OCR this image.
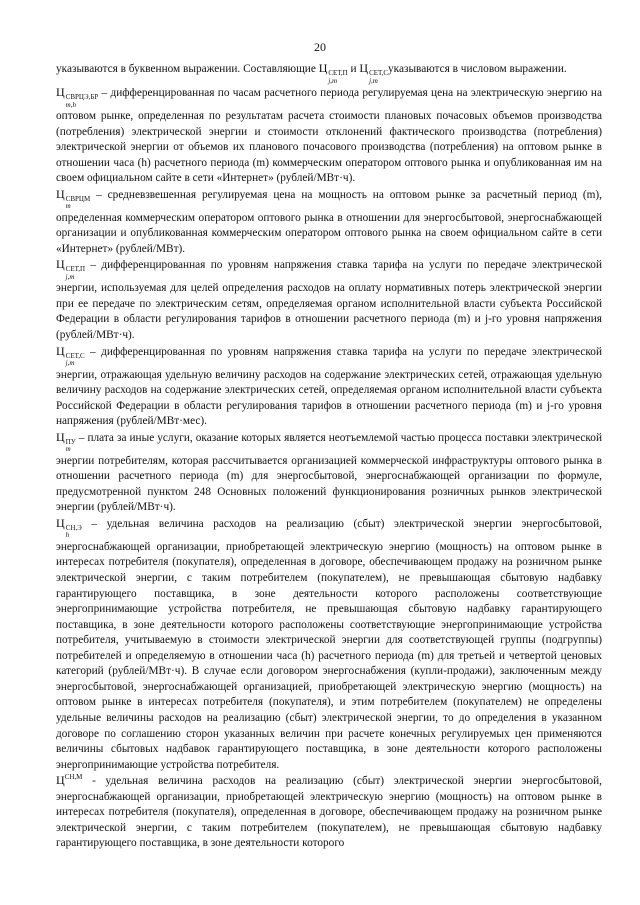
20

указываются в буквенном выражении. Составляющие Ц СЕТ,П
j,m
и Ц СЕТ,С
j,m
указываются в числовом выражении.

Ц СВРЦЭ,БР
m,h
– дифференцированная по часам расчетного периода регулируемая цена на электрическую энергию на оптовом рынке, определенная по результатам расчета стоимости плановых почасовых объемов производства (потребления) электрической энергии и стоимости отклонений фактического производства (потребления) электрической энергии от объемов их планового почасового производства (потребления) на оптовом рынке в отношении часа (h) расчетного периода (m) коммерческим оператором оптового рынка и опубликованная им на своем официальном сайте в сети «Интернет» (рублей/МВт·ч).

Ц СВРЦМ
m
– средневзвешенная регулируемая цена на мощность на оптовом рынке за расчетный период (m), определенная коммерческим оператором оптового рынка в отношении для энергосбытовой, энергоснабжающей организации и опубликованная коммерческим оператором оптового рынка на своем официальном сайте в сети «Интернет» (рублей/МВт).

Ц СЕТ,П
j,m
– дифференцированная по уровням напряжения ставка тарифа на услуги по передаче электрической энергии, используемая для целей определения расходов на оплату нормативных потерь электрической энергии при ее передаче по электрическим сетям, определяемая органом исполнительной власти субъекта Российской Федерации в области регулирования тарифов в отношении расчетного периода (m) и j-го уровня напряжения (рублей/МВт·ч).

Ц СЕТ,С
j,m
– дифференцированная по уровням напряжения ставка тарифа на услуги по передаче электрической энергии, отражающая удельную величину расходов на содержание электрических сетей, отражающая удельную величину расходов на содержание электрических сетей, определяемая органом исполнительной власти субъекта Российской Федерации в области регулирования тарифов в отношении расчетного периода (m) и j-го уровня напряжения (рублей/МВт·мес).

Ц ПУ
m
– плата за иные услуги, оказание которых является неотъемлемой частью процесса поставки электрической энергии потребителям, которая рассчитывается организацией коммерческой инфраструктуры оптового рынка в отношении расчетного периода (m) для энергосбытовой, энергоснабжающей организации по формуле, предусмотренной пунктом 248 Основных положений функционирования розничных рынков электрической энергии (рублей/МВт·ч).

Ц СН,Э
h
– удельная величина расходов на реализацию (сбыт) электрической энергии энергосбытовой, энергоснабжающей организации, приобретающей электрическую энергию (мощность) на оптовом рынке в интересах потребителя (покупателя), определенная в договоре, обеспечивающем продажу на розничном рынке электрической энергии, с таким потребителем (покупателем), не превышающая сбытовую надбавку гарантирующего поставщика, в зоне деятельности которого расположены соответствующие энергопринимающие устройства потребителя, не превышающая сбытовую надбавку гарантирующего поставщика, в зоне деятельности которого расположены соответствующие энергопринимающие устройства потребителя, учитываемую в стоимости электрической энергии для соответствующей группы (подгруппы) потребителей и определяемую в отношении часа (h) расчетного периода (m) для третьей и четвертой ценовых категорий (рублей/МВт·ч). В случае если договором энергоснабжения (купли-продажи), заключенным между энергосбытовой, энергоснабжающей организацией, приобретающей электрическую энергию (мощность) на оптовом рынке в интересах потребителя (покупателя), и этим потребителем (покупателем) не определены удельные величины расходов на реализацию (сбыт) электрической энергии, то до определения в указанном договоре по соглашению сторон указанных величин при расчете конечных регулируемых цен применяются величины сбытовых надбавок гарантирующего поставщика, в зоне деятельности которого расположены энергопринимающие устройства потребителя.

$Ц^{СН,М}$ - удельная величина расходов на реализацию (сбыт) электрической энергии энергосбытовой, энергоснабжающей организации, приобретающей электрическую энергию (мощность) на оптовом рынке в интересах потребителя (покупателя), определенная в договоре, обеспечивающем продажу на розничном рынке электрической энергии, с таким потребителем (покупателем), не превышающая сбытовую надбавку гарантирующего поставщика, в зоне деятельности которого
